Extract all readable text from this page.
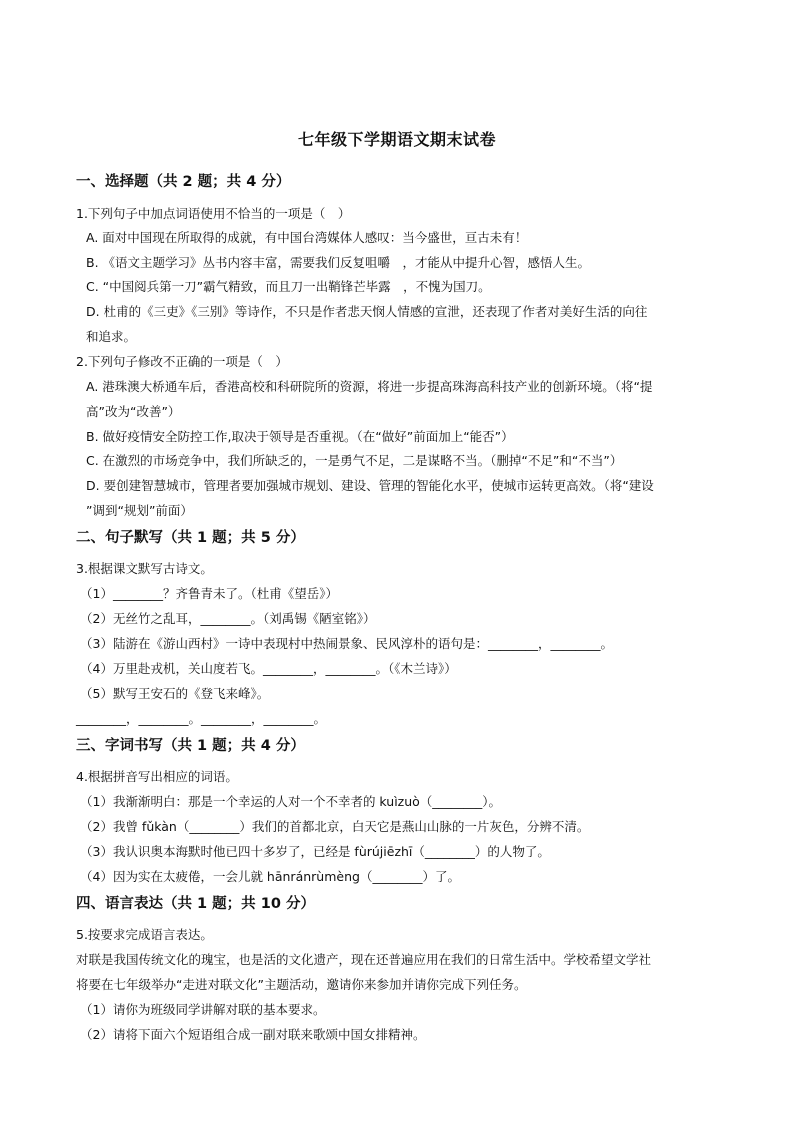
七年级下学期语文期末试卷
一、选择题（共 2 题；共 4 分）
1.下列句子中加点词语使用不恰当的一项是（　）
A. 面对中国现在所取得的成就，有中国台湾媒体人感叹：当今盛世，亘古未有！
B. 《语文主题学习》丛书内容丰富，需要我们反复咀嚼　，才能从中提升心智，感悟人生。
C. “中国阅兵第一刀”霸气精致，而且刀一出鞘锋芒毕露　，不愧为国刀。
D. 杜甫的《三吏》《三别》等诗作，不只是作者悲天悯人情感的宣泄，还表现了作者对美好生活的向往
和追求。
2.下列句子修改不正确的一项是（　）
A. 港珠澳大桥通车后，香港高校和科研院所的资源，将进一步提高珠海高科技产业的创新环境。（将“提
高”改为“改善”）
B. 做好疫情安全防控工作,取决于领导是否重视。（在“做好”前面加上“能否”）
C. 在激烈的市场竞争中，我们所缺乏的，一是勇气不足，二是谋略不当。（删掉“不足”和“不当”）
D. 要创建智慧城市，管理者要加强城市规划、建设、管理的智能化水平，使城市运转更高效。（将“建设
”调到“规划”前面）
二、句子默写（共 1 题；共 5 分）
3.根据课文默写古诗文。
（1）________？齐鲁青未了。（杜甫《望岳》）
（2）无丝竹之乱耳，________。（刘禹锡《陋室铭》）
（3）陆游在《游山西村》一诗中表现村中热闹景象、民风淳朴的语句是：________，________。
（4）万里赴戎机，关山度若飞。________，________。（《木兰诗》）
（5）默写王安石的《登飞来峰》。
________，________。________，________。
三、字词书写（共 1 题；共 4 分）
4.根据拼音写出相应的词语。
（1）我渐渐明白：那是一个幸运的人对一个不幸者的 kuìzuò（________）。
（2）我曾 fǔkàn（________）我们的首都北京，白天它是燕山山脉的一片灰色，分辨不清。
（3）我认识奥本海默时他已四十多岁了，已经是 fùrújiēzhī（________）的人物了。
（4）因为实在太疲倦，一会儿就 hānránrùmèng（________）了。
四、语言表达（共 1 题；共 10 分）
5.按要求完成语言表达。
对联是我国传统文化的瑰宝，也是活的文化遗产，现在还普遍应用在我们的日常生活中。学校希望文学社
将要在七年级举办“走进对联文化”主题活动，邀请你来参加并请你完成下列任务。
（1）请你为班级同学讲解对联的基本要求。
（2）请将下面六个短语组合成一副对联来歌颂中国女排精神。
